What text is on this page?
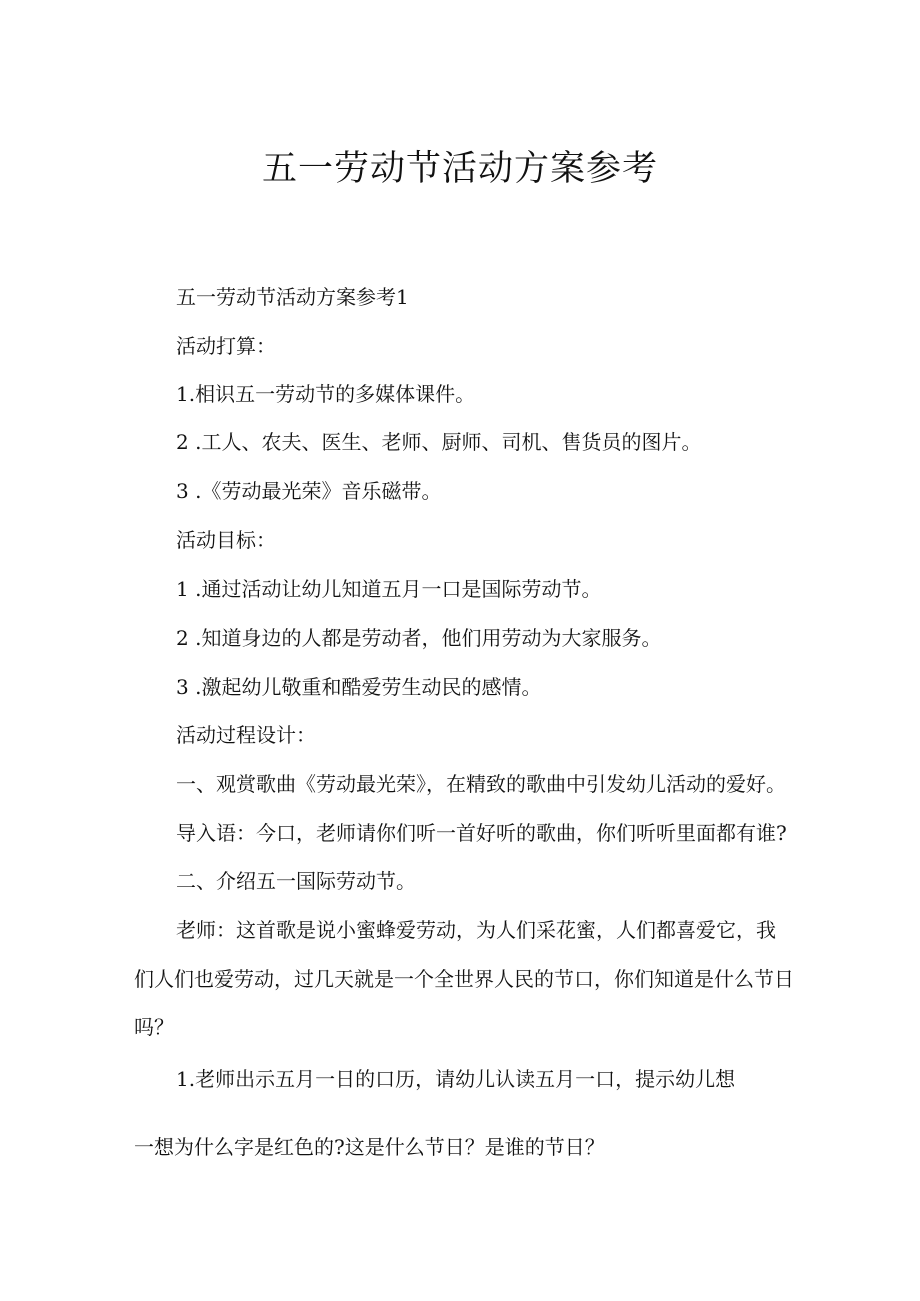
五一劳动节活动方案参考
五一劳动节活动方案参考1
活动打算：
1.相识五一劳动节的多媒体课件。
2 .工人、农夫、医生、老师、厨师、司机、售货员的图片。
3 .《劳动最光荣》音乐磁带。
活动目标：
1 .通过活动让幼儿知道五月一口是国际劳动节。
2 .知道身边的人都是劳动者，他们用劳动为大家服务。
3 .激起幼儿敬重和酷爱劳生动民的感情。
活动过程设计：
一、观赏歌曲《劳动最光荣》，在精致的歌曲中引发幼儿活动的爱好。
导入语：今口，老师请你们听一首好听的歌曲，你们听听里面都有谁?
二、介绍五一国际劳动节。
老师：这首歌是说小蜜蜂爱劳动，为人们采花蜜，人们都喜爱它，我
们人们也爱劳动，过几天就是一个全世界人民的节口，你们知道是什么节日
吗？
1.老师出示五月一日的口历，请幼儿认读五月一口，提示幼儿想
一想为什么字是红色的?这是什么节日？是谁的节日？
